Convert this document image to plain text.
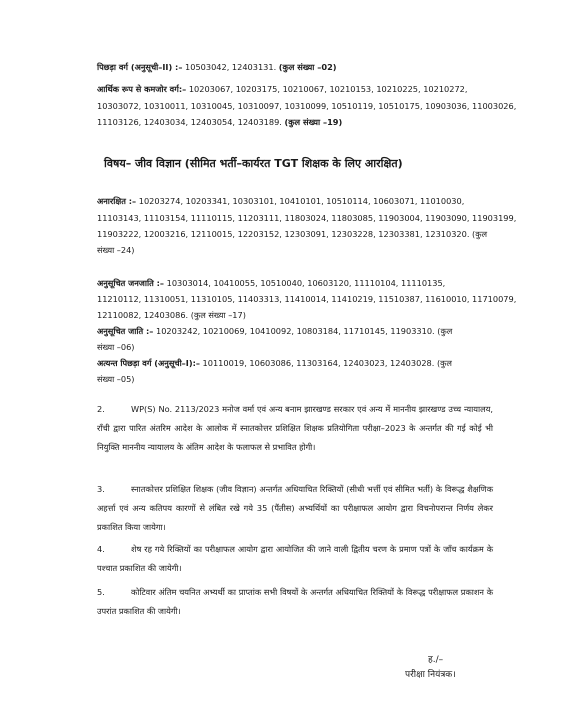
पिछड़ा वर्ग (अनुसूची–II) :– 10503042, 12403131. (कुल संख्या –02)
आर्थिक रूप से कमजोर वर्ग:– 10203067, 10203175, 10210067, 10210153, 10210225, 10210272,
10303072, 10310011, 10310045, 10310097, 10310099, 10510119, 10510175, 10903036, 11003026,
11103126, 12403034, 12403054, 12403189. (कुल संख्या –19)
विषय– जीव विज्ञान (सीमित भर्ती–कार्यरत TGT शिक्षक के लिए आरक्षित)
अनारक्षित :– 10203274, 10203341, 10303101, 10410101, 10510114, 10603071, 11010030,
11103143, 11103154, 11110115, 11203111, 11803024, 11803085, 11903004, 11903090, 11903199,
11903222, 12003216, 12110015, 12203152, 12303091, 12303228, 12303381, 12310320. (कुल
संख्या –24)
अनुसूचित जनजाति :– 10303014, 10410055, 10510040, 10603120, 11110104, 11110135,
11210112, 11310051, 11310105, 11403313, 11410014, 11410219, 11510387, 11610010, 11710079,
12110082, 12403086. (कुल संख्या –17)
अनुसूचित जाति :– 10203242, 10210069, 10410092, 10803184, 11710145, 11903310. (कुल
संख्या –06)
अत्यन्त पिछड़ा वर्ग (अनुसूची–I):– 10110019, 10603086, 11303164, 12403023, 12403028. (कुल
संख्या –05)
2.	WP(S) No. 2113/2023 मनोज वर्मा एवं अन्य बनाम झारखण्ड सरकार एवं अन्य में माननीय झारखण्ड उच्च न्यायालय, राँची द्वारा पारित अंतरिम आदेश के आलोक में स्नातकोत्तर प्रशिक्षित शिक्षक प्रतियोगिता परीक्षा–2023 के अन्तर्गत की गई कोई भी नियुक्ति माननीय न्यायालय के अंतिम आदेश के फलाफल से प्रभावित होगी।
3.	स्नातकोत्तर प्रशिक्षित शिक्षक (जीव विज्ञान) अन्तर्गत अधियाचित रिक्तियों (सीधी भर्त्ती एवं सीमित भर्ती) के विरूद्ध शैक्षणिक अहर्त्ता एवं अन्य कतिपय कारणों से लंबित रखे गये 35 (पैंतीस) अभ्यर्थियों का परीक्षाफल आयोग द्वारा विचनोपरान्त निर्णय लेकर प्रकाशित किया जायेगा।
4.	शेष रह गये रिक्तियों का परीक्षाफल आयोग द्वारा आयोजित की जाने वाली द्वितीय चरण के प्रमाण पत्रों के जाँच कार्यक्रम के पश्चात प्रकाशित की जायेगी।
5.	कोटिवार अंतिम चयनित अभ्यर्थी का प्राप्तांक सभी विषयों के अन्तर्गत अधियाचित रिक्तियों के विरूद्ध परीक्षाफल प्रकाशन के उपरांत प्रकाशित की जायेगी।
ह./–
परीक्षा नियंत्रक।
